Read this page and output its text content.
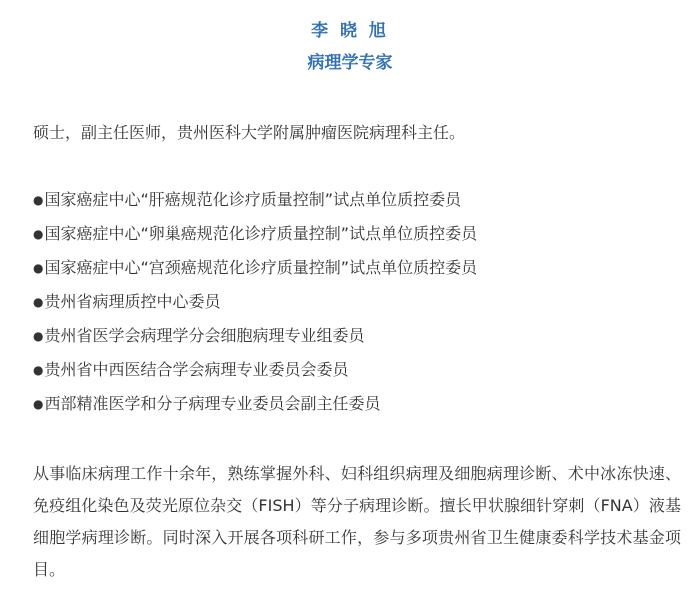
李 晓 旭
病理学专家
硕士，副主任医师，贵州医科大学附属肿瘤医院病理科主任。
●国家癌症中心“肝癌规范化诊疗质量控制”试点单位质控委员
●国家癌症中心“卵巢癌规范化诊疗质量控制”试点单位质控委员
●国家癌症中心“宫颈癌规范化诊疗质量控制”试点单位质控委员
●贵州省病理质控中心委员
●贵州省医学会病理学分会细胞病理专业组委员
●贵州省中西医结合学会病理专业委员会委员
●西部精准医学和分子病理专业委员会副主任委员

从事临床病理工作十余年，熟练掌握外科、妇科组织病理及细胞病理诊断、术中冰冻快速、免疫组化染色及荧光原位杂交（FISH）等分子病理诊断。擅长甲状腺细针穿刺（FNA）液基细胞学病理诊断。同时深入开展各项科研工作，参与多项贵州省卫生健康委科学技术基金项目。
